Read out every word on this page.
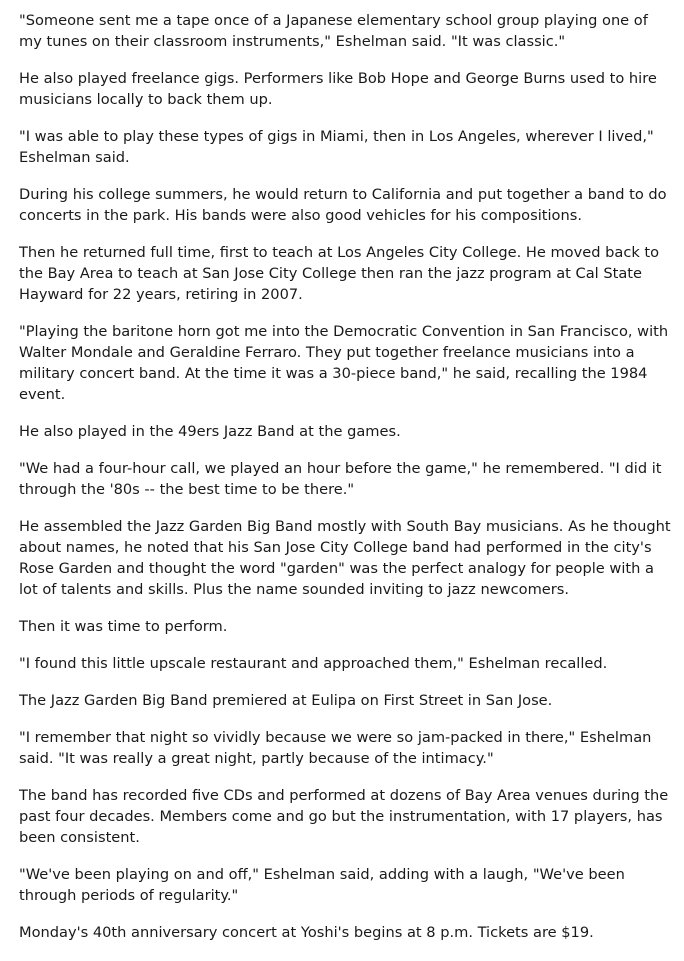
"Someone sent me a tape once of a Japanese elementary school group playing one of my tunes on their classroom instruments," Eshelman said. "It was classic."

He also played freelance gigs. Performers like Bob Hope and George Burns used to hire musicians locally to back them up.

"I was able to play these types of gigs in Miami, then in Los Angeles, wherever I lived," Eshelman said.

During his college summers, he would return to California and put together a band to do concerts in the park. His bands were also good vehicles for his compositions.

Then he returned full time, first to teach at Los Angeles City College. He moved back to the Bay Area to teach at San Jose City College then ran the jazz program at Cal State Hayward for 22 years, retiring in 2007.

"Playing the baritone horn got me into the Democratic Convention in San Francisco, with Walter Mondale and Geraldine Ferraro. They put together freelance musicians into a military concert band. At the time it was a 30-piece band," he said, recalling the 1984 event.

He also played in the 49ers Jazz Band at the games.

"We had a four-hour call, we played an hour before the game," he remembered. "I did it through the '80s -- the best time to be there."

He assembled the Jazz Garden Big Band mostly with South Bay musicians. As he thought about names, he noted that his San Jose City College band had performed in the city's Rose Garden and thought the word "garden" was the perfect analogy for people with a lot of talents and skills. Plus the name sounded inviting to jazz newcomers.

Then it was time to perform.

"I found this little upscale restaurant and approached them," Eshelman recalled.

The Jazz Garden Big Band premiered at Eulipa on First Street in San Jose.

"I remember that night so vividly because we were so jam-packed in there," Eshelman said. "It was really a great night, partly because of the intimacy."

The band has recorded five CDs and performed at dozens of Bay Area venues during the past four decades. Members come and go but the instrumentation, with 17 players, has been consistent.

"We've been playing on and off," Eshelman said, adding with a laugh, "We've been through periods of regularity."

Monday's 40th anniversary concert at Yoshi's begins at 8 p.m. Tickets are $19.
